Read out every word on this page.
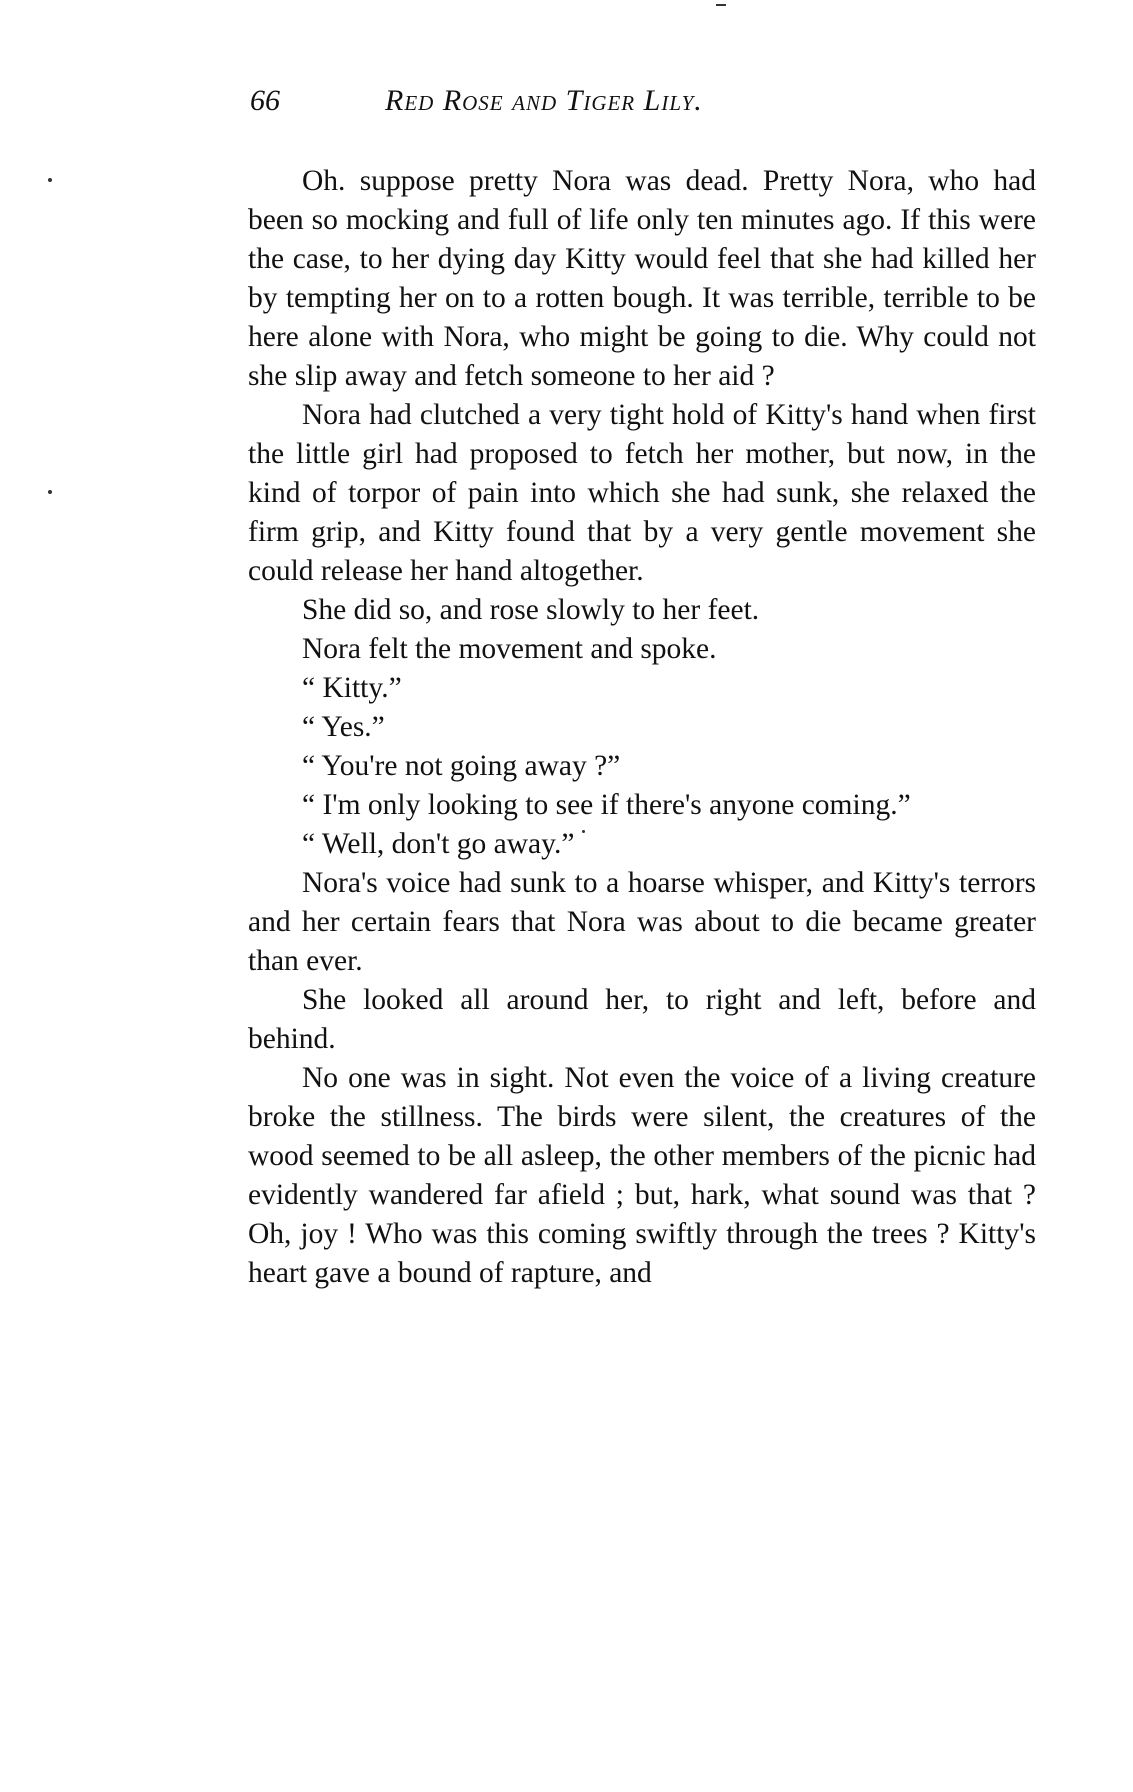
66	Red Rose and Tiger Lily.

Oh. suppose pretty Nora was dead. Pretty Nora, who had been so mocking and full of life only ten minutes ago. If this were the case, to her dying day Kitty would feel that she had killed her by tempting her on to a rotten bough. It was terrible, terrible to be here alone with Nora, who might be going to die. Why could not she slip away and fetch someone to her aid ?

Nora had clutched a very tight hold of Kitty's hand when first the little girl had proposed to fetch her mother, but now, in the kind of torpor of pain into which she had sunk, she relaxed the firm grip, and Kitty found that by a very gentle movement she could release her hand altogether.

She did so, and rose slowly to her feet.

Nora felt the movement and spoke.

“ Kitty.”

“ Yes.”

“ You're not going away ?”

“ I'm only looking to see if there's anyone coming.”

“ Well, don't go away.”

Nora's voice had sunk to a hoarse whisper, and Kitty's terrors and her certain fears that Nora was about to die became greater than ever.

She looked all around her, to right and left, before and behind.

No one was in sight. Not even the voice of a living creature broke the stillness. The birds were silent, the creatures of the wood seemed to be all asleep, the other members of the picnic had evidently wandered far afield ; but, hark, what sound was that ? Oh, joy ! Who was this coming swiftly through the trees ? Kitty's heart gave a bound of rapture, and
